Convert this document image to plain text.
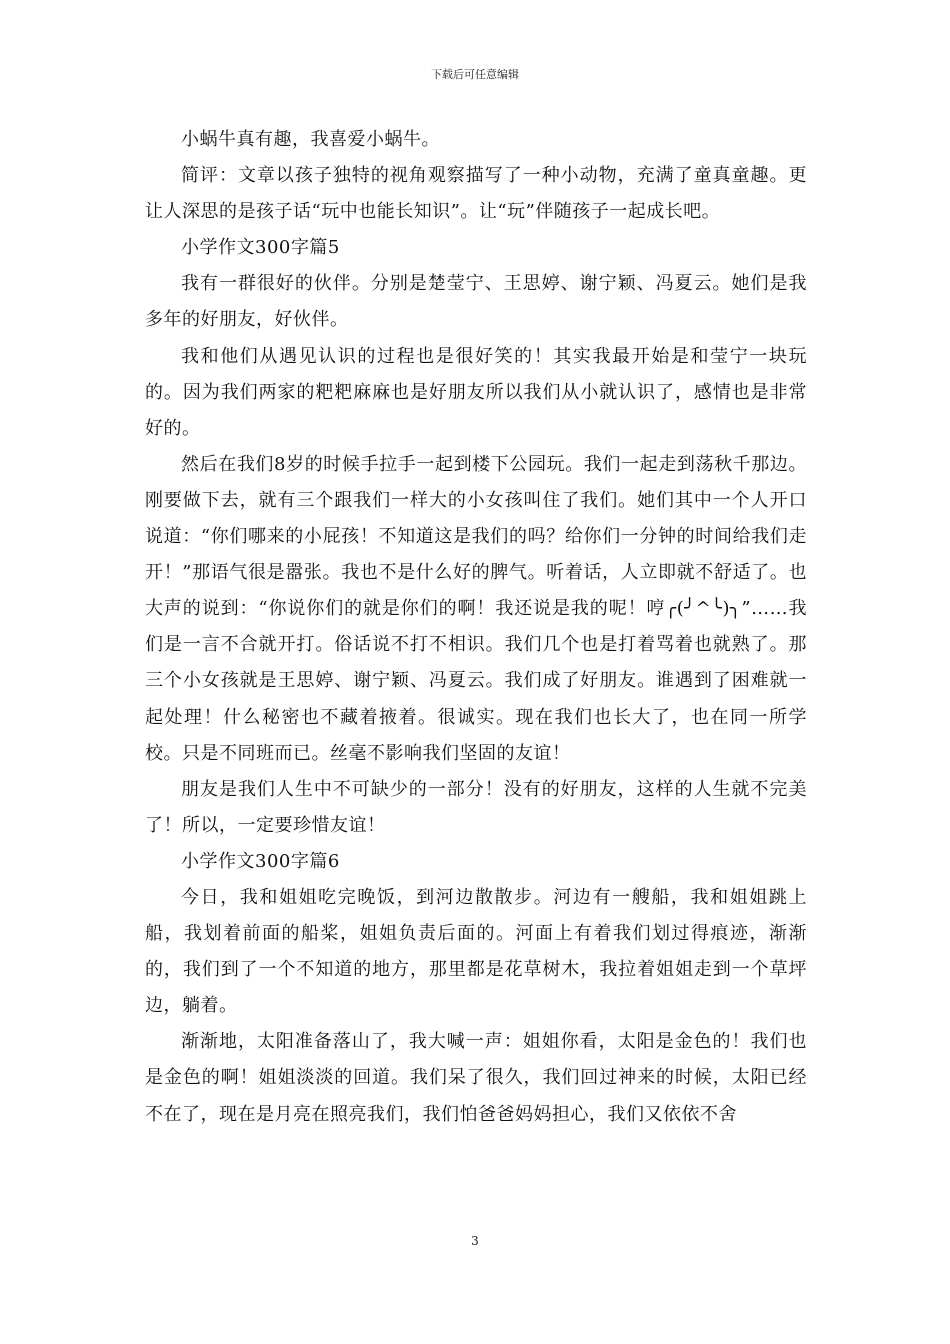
下载后可任意编辑

小蜗牛真有趣，我喜爱小蜗牛。

简评：文章以孩子独特的视角观察描写了一种小动物，充满了童真童趣。更让人深思的是孩子话“玩中也能长知识”。让“玩”伴随孩子一起成长吧。

小学作文300字篇5

我有一群很好的伙伴。分别是楚莹宁、王思婷、谢宁颖、冯夏云。她们是我多年的好朋友，好伙伴。

我和他们从遇见认识的过程也是很好笑的！其实我最开始是和莹宁一块玩的。因为我们两家的粑粑麻麻也是好朋友所以我们从小就认识了，感情也是非常好的。

然后在我们8岁的时候手拉手一起到楼下公园玩。我们一起走到荡秋千那边。刚要做下去，就有三个跟我们一样大的小女孩叫住了我们。她们其中一个人开口说道：“你们哪来的小屁孩！不知道这是我们的吗？给你们一分钟的时间给我们走开！”那语气很是嚣张。我也不是什么好的脾气。听着话，人立即就不舒适了。也大声的说到：“你说你们的就是你们的啊！我还说是我的呢！哼╭(╯^╰)╮”……我们是一言不合就开打。俗话说不打不相识。我们几个也是打着骂着也就熟了。那三个小女孩就是王思婷、谢宁颖、冯夏云。我们成了好朋友。谁遇到了困难就一起处理！什么秘密也不藏着掖着。很诚实。现在我们也长大了，也在同一所学校。只是不同班而已。丝毫不影响我们坚固的友谊！

朋友是我们人生中不可缺少的一部分！没有的好朋友，这样的人生就不完美了！所以，一定要珍惜友谊！

小学作文300字篇6

今日，我和姐姐吃完晚饭，到河边散散步。河边有一艘船，我和姐姐跳上船，我划着前面的船桨，姐姐负责后面的。河面上有着我们划过得痕迹，渐渐的，我们到了一个不知道的地方，那里都是花草树木，我拉着姐姐走到一个草坪边，躺着。

渐渐地，太阳准备落山了，我大喊一声：姐姐你看，太阳是金色的！我们也是金色的啊！姐姐淡淡的回道。我们呆了很久，我们回过神来的时候，太阳已经不在了，现在是月亮在照亮我们，我们怕爸爸妈妈担心，我们又依依不舍

3
